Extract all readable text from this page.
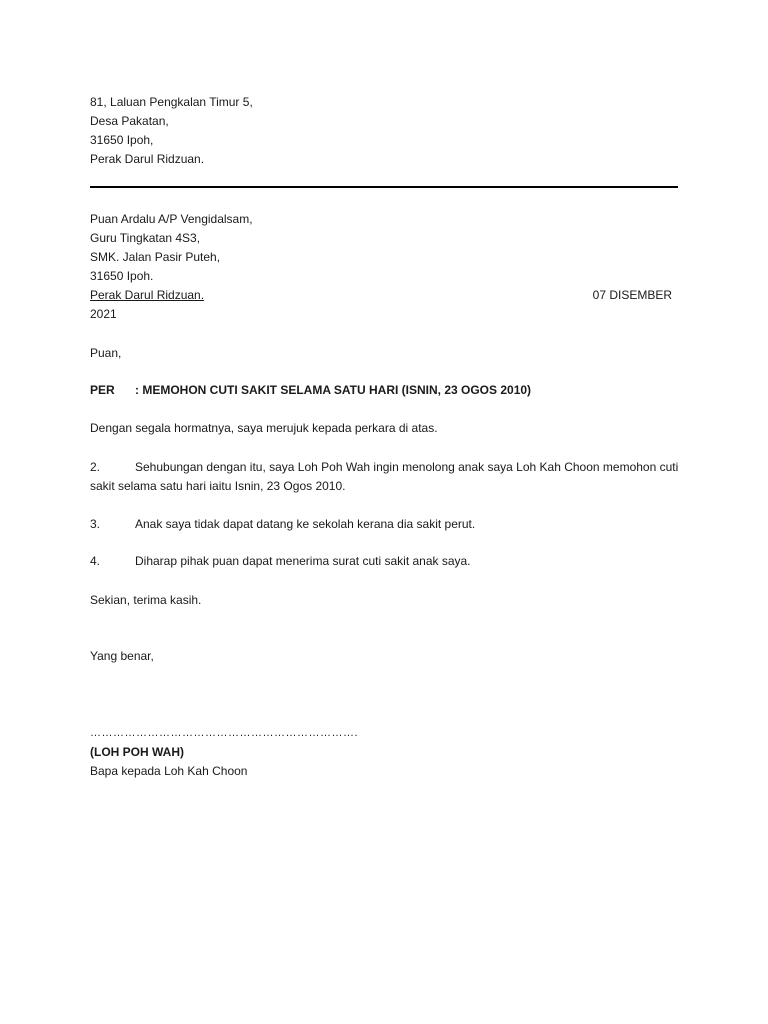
81, Laluan Pengkalan Timur 5,
Desa Pakatan,
31650 Ipoh,
Perak Darul Ridzuan.
Puan Ardalu A/P Vengidalsam,
Guru Tingkatan 4S3,
SMK. Jalan Pasir Puteh,
31650 Ipoh.
Perak Darul Ridzuan.	07 DISEMBER
2021
Puan,
PER : MEMOHON CUTI SAKIT SELAMA SATU HARI (ISNIN, 23 OGOS 2010)
Dengan segala hormatnya, saya merujuk kepada perkara di atas.
2.	Sehubungan dengan itu, saya Loh Poh Wah ingin menolong anak saya Loh Kah Choon memohon cuti
sakit selama satu hari iaitu Isnin, 23 Ogos 2010.
3.	Anak saya tidak dapat datang ke sekolah kerana dia sakit perut.
4.	Diharap pihak puan dapat menerima surat cuti sakit anak saya.
Sekian, terima kasih.
Yang benar,
…………………………………………………………….
(LOH POH WAH)
Bapa kepada Loh Kah Choon
